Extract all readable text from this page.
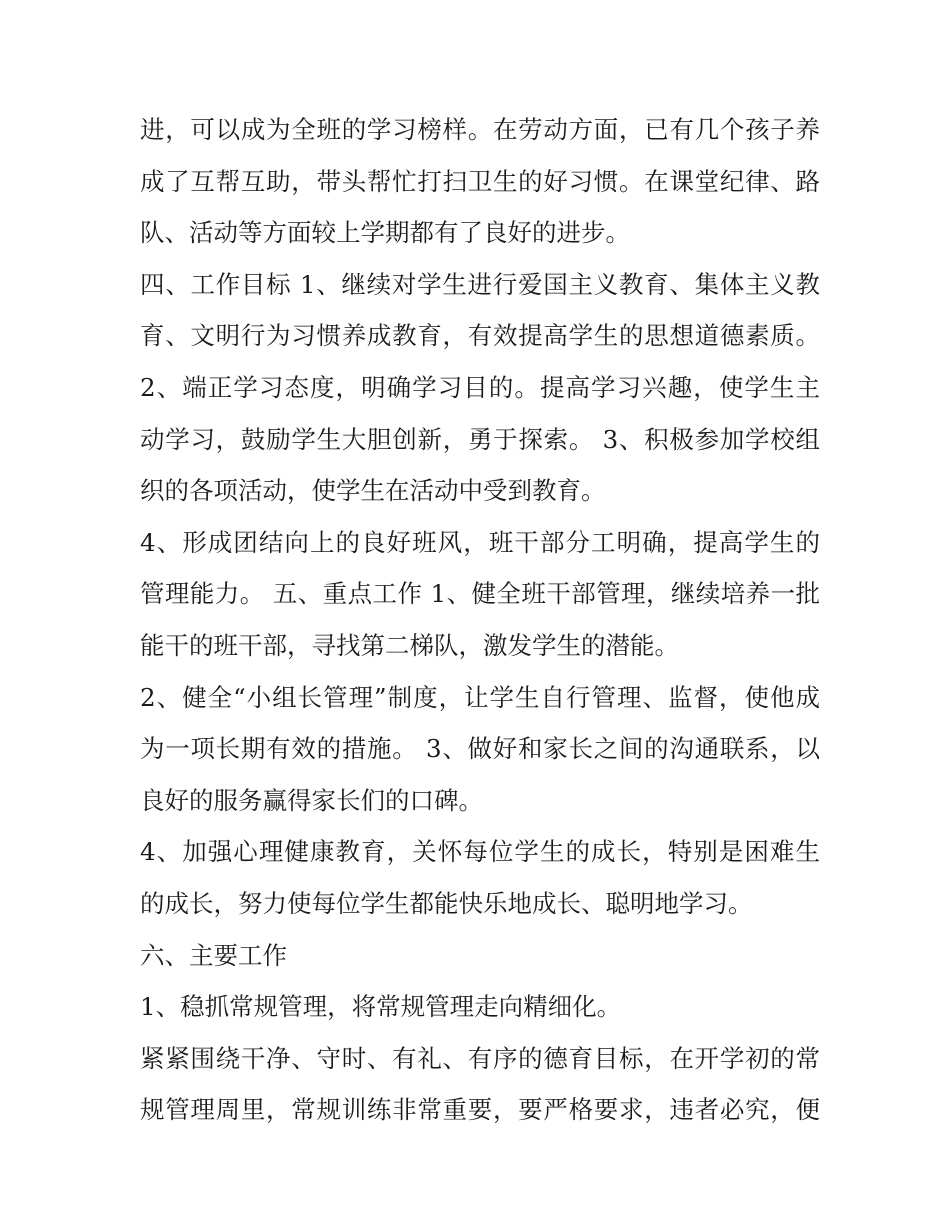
进，可以成为全班的学习榜样。在劳动方面，已有几个孩子养
成了互帮互助，带头帮忙打扫卫生的好习惯。在课堂纪律、路
队、活动等方面较上学期都有了良好的进步。
四、工作目标 1、继续对学生进行爱国主义教育、集体主义教
育、文明行为习惯养成教育，有效提高学生的思想道德素质。
2、端正学习态度，明确学习目的。提高学习兴趣，使学生主
动学习，鼓励学生大胆创新，勇于探索。 3、积极参加学校组
织的各项活动，使学生在活动中受到教育。
4、形成团结向上的良好班风，班干部分工明确，提高学生的
管理能力。 五、重点工作 1、健全班干部管理，继续培养一批
能干的班干部，寻找第二梯队，激发学生的潜能。
2、健全“小组长管理”制度，让学生自行管理、监督，使他成
为一项长期有效的措施。 3、做好和家长之间的沟通联系，以
良好的服务赢得家长们的口碑。
4、加强心理健康教育，关怀每位学生的成长，特别是困难生
的成长，努力使每位学生都能快乐地成长、聪明地学习。
六、主要工作
1、稳抓常规管理，将常规管理走向精细化。
紧紧围绕干净、守时、有礼、有序的德育目标，在开学初的常
规管理周里，常规训练非常重要，要严格要求，违者必究，便
